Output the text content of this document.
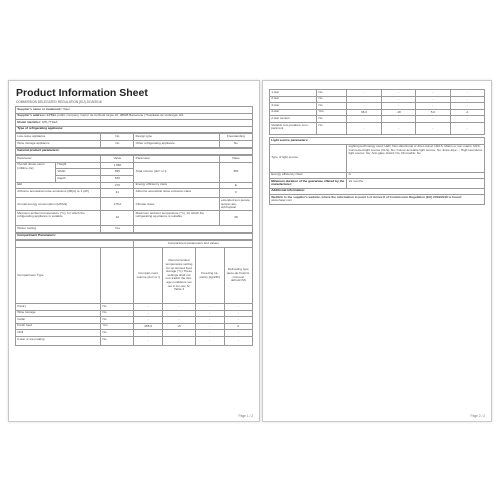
Product Information Sheet
COMMISSION DELEGATED REGULATION (EU) 2019/2016
Supplier's name or trademark: Haier
Supplier's address: EPBEL public company, Carrer de la Metal·lúrgia 10, 08908 Barcelona | Hospitalet de Llobregat, ES
Model identifier: MTL7T1EA
Type of refrigerating appliance:
Low-noise appliance	No	Design type	Freestanding
Wine storage appliance	No	Other refrigerating appliance	No
General product parameters:
Parameter		Value	Parameter	Value
Overall dimen-sions (millime-tre)	Height	1 850	Total volume (dm³ or l)	381
	Width	595		
	Depth	630		
EEI		270	Energy efficiency class	E
Airborne acoustical noise emissions (dB(A) re 1 pW)		41	Airborne acoustical noise emission class	C
Annual energy consumption (kWh/a)		176.0	Climate class:	extended tem-perate, temper-ate, subtropical
Minimum ambient temperature (°C), for which the refrigerating appliance is suitable		10	Maximum ambient temperature (°C), for which the refrigerating ap-pliance is suitable	38
Winter setting		Yes		
Compartment Parameters:
		Compartment parameters and values			
Compartment Type		Compart-ment volume (dm³ or l)	Recommended temperature setting for op-timised food storage (°C) These settings shall not con-tradict the stor-age conditions set out in An-nex IV, Table 3	Freezing ca-pacity (kg/24h)	Defrosting type (auto-de-frost=A, manu-al defrost=M)
Pantry	No	-	-	-	-
Wine storage	No	-	-	-	-
Cellar	No	-	-	-	-
Fresh food	Yes	285.0	+5	-	A
Chill	No	-	-	-	-
0-star or ice-making	No	-	-	-	-
Page 1 / 2
1-star	No	-	-	-	-
2-star	No	-	-	-	-
3-star	No	-	-	-	-
4-star	Yes	96.0	-18	5.0	A
2-star section	No	-	-	-	-
Variable tem-perature com-partment	No	-	-	-	-
Light source parameters:	
Type of light source	Lighting technology used: LED; Non-directional or direc-tional: NDLS; Mains or non-mains: MLS; Connected light source (CLS): No; Colour-tuneable light source: No; Enve-lope: -; High luminance light source: No; Anti-glare shield: No; Dimmable: No
Energy efficiency class	G
Minimum duration of the guarantee offered by the manufacturer:	24 months
Additional information:	
Weblink to the supplier's website, where the information in point 4 of Annex II of Commission Regulation (EU) 2019/2019 is found: www.haier.com	
Page 2 / 2
